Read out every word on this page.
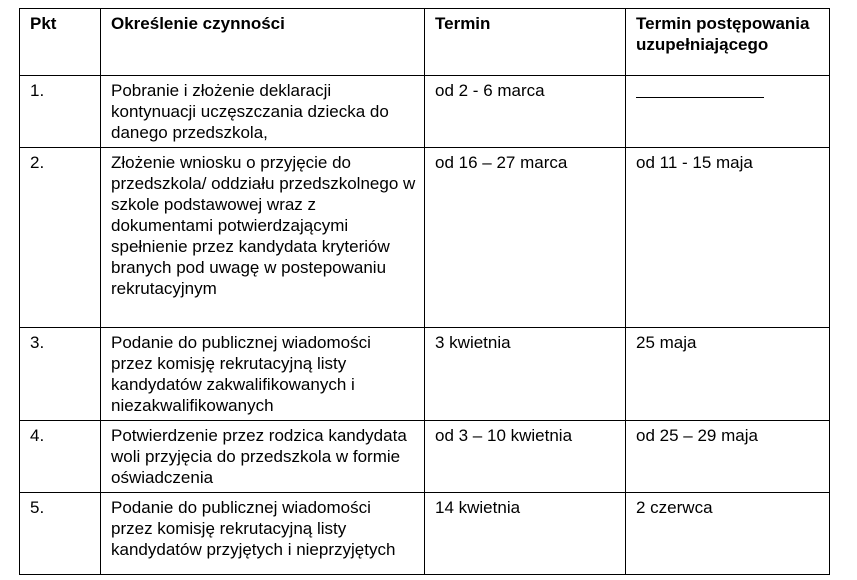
Pkt	Określenie czynności	Termin	Termin postępowania uzupełniającego
1.	Pobranie i złożenie deklaracji kontynuacji uczęszczania dziecka do danego przedszkola,	od 2 - 6 marca	
2.	Złożenie wniosku o przyjęcie do przedszkola/ oddziału przedszkolnego w szkole podstawowej wraz z dokumentami potwierdzającymi spełnienie przez kandydata kryteriów branych pod uwagę w postepowaniu rekrutacyjnym	od 16 – 27 marca	od 11 - 15 maja
3.	Podanie do publicznej wiadomości przez komisję rekrutacyjną listy kandydatów zakwalifikowanych i niezakwalifikowanych	3 kwietnia	25 maja
4.	Potwierdzenie przez rodzica kandydata woli przyjęcia do przedszkola w formie oświadczenia	od 3 – 10 kwietnia	od 25 – 29 maja
5.	Podanie do publicznej wiadomości przez komisję rekrutacyjną listy kandydatów przyjętych i nieprzyjętych	14 kwietnia	2 czerwca
